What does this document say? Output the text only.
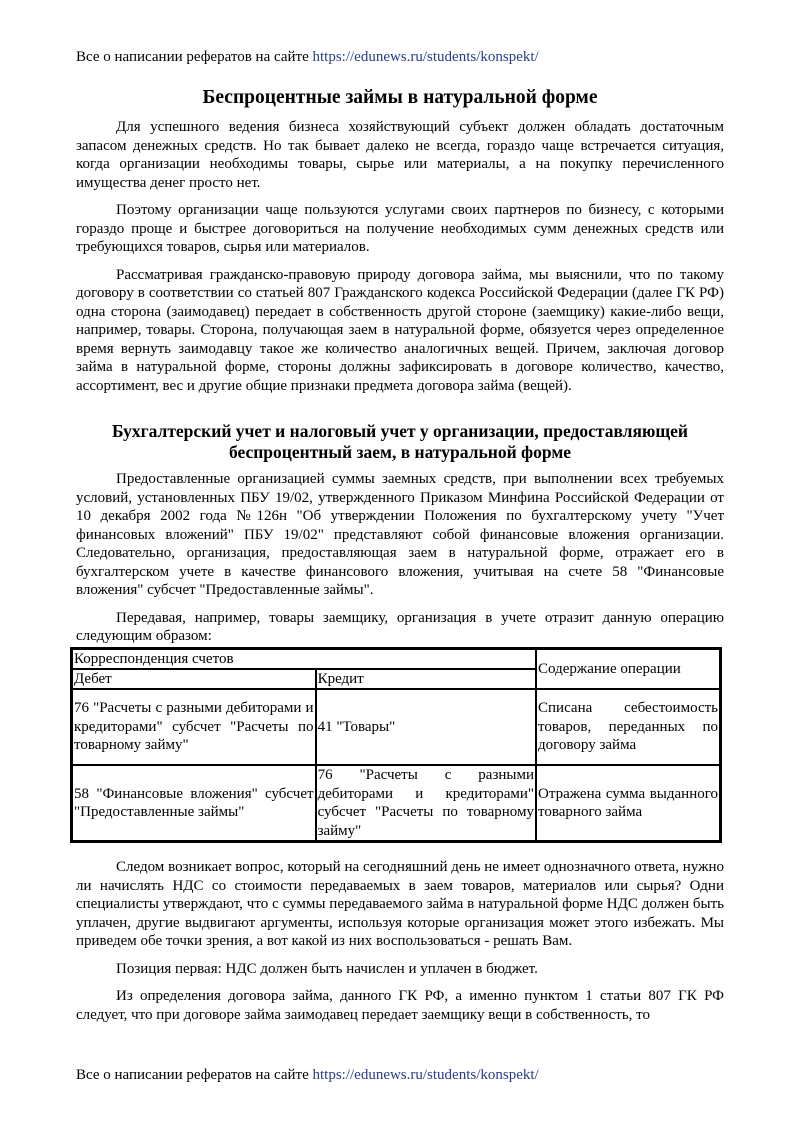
Все о написании рефератов на сайте https://edunews.ru/students/konspekt/
Беспроцентные займы в натуральной форме

Для успешного ведения бизнеса хозяйствующий субъект должен обладать достаточным запасом денежных средств. Но так бывает далеко не всегда, гораздо чаще встречается ситуация, когда организации необходимы товары, сырье или материалы, а на покупку перечисленного имущества денег просто нет.

Поэтому организации чаще пользуются услугами своих партнеров по бизнесу, с которыми гораздо проще и быстрее договориться на получение необходимых сумм денежных средств или требующихся товаров, сырья или материалов.

Рассматривая гражданско-правовую природу договора займа, мы выяснили, что по такому договору в соответствии со статьей 807 Гражданского кодекса Российской Федерации (далее ГК РФ) одна сторона (заимодавец) передает в собственность другой стороне (заемщику) какие-либо вещи, например, товары. Сторона, получающая заем в натуральной форме, обязуется через определенное время вернуть заимодавцу такое же количество аналогичных вещей. Причем, заключая договор займа в натуральной форме, стороны должны зафиксировать в договоре количество, качество, ассортимент, вес и другие общие признаки предмета договора займа (вещей).

Бухгалтерский учет и налоговый учет у организации, предоставляющей беспроцентный заем, в натуральной форме

Предоставленные организацией суммы заемных средств, при выполнении всех требуемых условий, установленных ПБУ 19/02, утвержденного Приказом Минфина Российской Федерации от 10 декабря 2002 года №126н "Об утверждении Положения по бухгалтерскому учету "Учет финансовых вложений" ПБУ 19/02" представляют собой финансовые вложения организации. Следовательно, организация, предоставляющая заем в натуральной форме, отражает его в бухгалтерском учете в качестве финансового вложения, учитывая на счете 58 "Финансовые вложения" субсчет "Предоставленные займы".

Передавая, например, товары заемщику, организация в учете отразит данную операцию следующим образом:

Корреспонденция счетов		Содержание операции
Дебет	Кредит	
76 "Расчеты с разными дебиторами и кредиторами" субсчет "Расчеты по товарному займу"	41 "Товары"	Списана себестоимость товаров, переданных по договору займа
58 "Финансовые вложения" субсчет "Предоставленные займы"	76 "Расчеты с разными дебиторами и кредиторами" субсчет "Расчеты по товарному займу"	Отражена сумма выданного товарного займа

Следом возникает вопрос, который на сегодняшний день не имеет однозначного ответа, нужно ли начислять НДС со стоимости передаваемых в заем товаров, материалов или сырья? Одни специалисты утверждают, что с суммы передаваемого займа в натуральной форме НДС должен быть уплачен, другие выдвигают аргументы, используя которые организация может этого избежать. Мы приведем обе точки зрения, а вот какой из них воспользоваться - решать Вам.

Позиция первая: НДС должен быть начислен и уплачен в бюджет.

Из определения договора займа, данного ГК РФ, а именно пунктом 1 статьи 807 ГК РФ следует, что при договоре займа заимодавец передает заемщику вещи в собственность, то

Все о написании рефератов на сайте https://edunews.ru/students/konspekt/
